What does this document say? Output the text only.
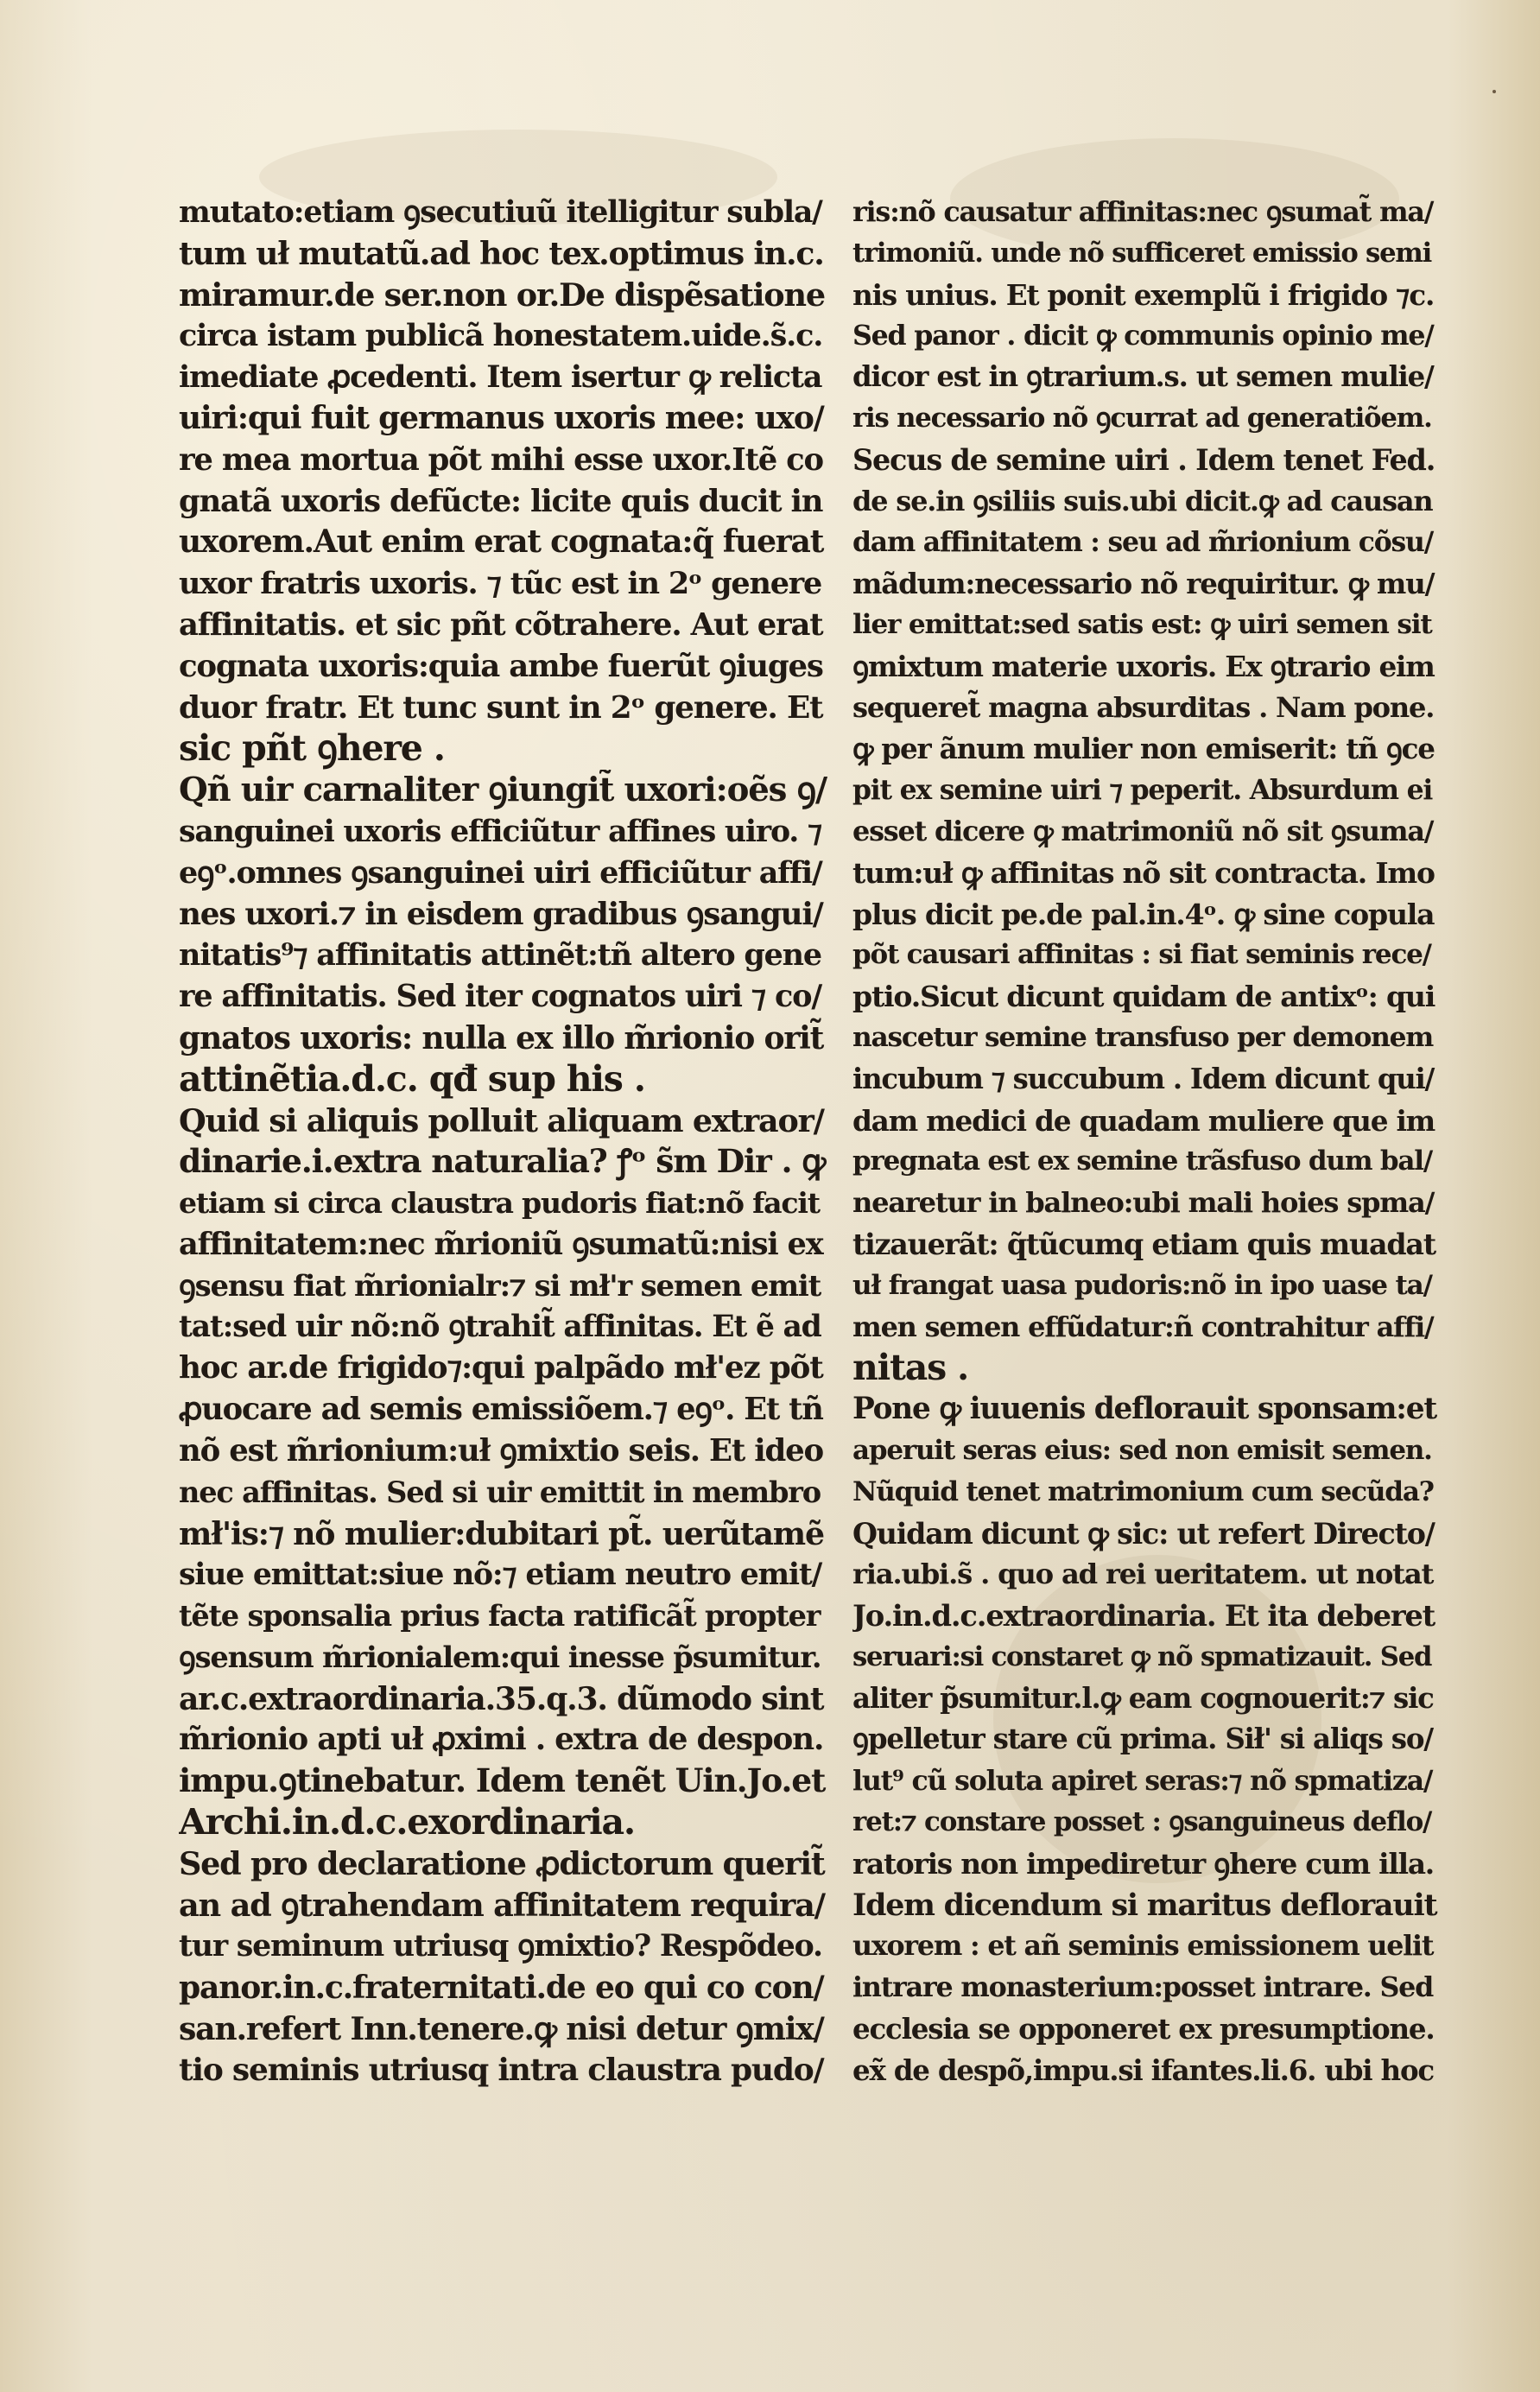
mutato:etiam ꝯsecutiuũ itelligitur subla/
tum uł mutatũ.ad hoc tex.optimus in.c.
miramur.de ser.non or.De dispẽsatione
circa istam publicã honestatem.uide.s̃.c.
imediate ꝓcedenti. Item isertur ꝙ relicta
uiri:qui fuit germanus uxoris mee: uxo/
re mea mortua põt mihi esse uxor.Itẽ co
gnatã uxoris defũcte: licite quis ducit in
uxorem.Aut enim erat cognata:q̃ fuerat
uxor fratris uxoris. ⁊ tũc est in 2ᵒ genere
affinitatis. et sic pñt cõtrahere. Aut erat
cognata uxoris:quia ambe fuerũt ꝯiuges
duor fratr. Et tunc sunt in 2ᵒ genere. Et
sic pñt ꝯhere .
Qñ uir carnaliter ꝯiungit̃ uxori:oẽs ꝯ/
sanguinei uxoris efficiũtur affines uiro. ⁊
eꝯᵒ.omnes ꝯsanguinei uiri efficiũtur affi/
nes uxori.⁊ in eisdem gradibus ꝯsangui/
nitatis⁹⁊ affinitatis attinẽt:tñ altero gene
re affinitatis. Sed iter cognatos uiri ⁊ co/
gnatos uxoris: nulla ex illo m̃rionio orit̃
attinẽtia.d.c. qđ sup his .
Quid si aliquis polluit aliquam extraor/
dinarie.i.extra naturalia? ꝭᵒ s̃m Dir . ꝙ
etiam si circa claustra pudoris fiat:nõ facit
affinitatem:nec m̃rioniũ ꝯsumatũ:nisi ex
ꝯsensu fiat m̃rionialr:⁊ si mł'r semen emit
tat:sed uir nõ:nõ ꝯtrahit̃ affinitas. Et ẽ ad
hoc ar.de frigido⁊:qui palpãdo mł'ez põt
ꝓuocare ad semis emissiõem.⁊ eꝯᵒ. Et tñ
nõ est m̃rionium:uł ꝯmixtio seis. Et ideo
nec affinitas. Sed si uir emittit in membro
mł'is:⁊ nõ mulier:dubitari pt̃. uerũtamẽ
siue emittat:siue nõ:⁊ etiam neutro emit/
tẽte sponsalia prius facta ratificãt̃ propter
ꝯsensum m̃rionialem:qui inesse p̃sumitur.
ar.c.extraordinaria.35.q.3. dũmodo sint
m̃rionio apti uł ꝓximi . extra de despon.
impu.ꝯtinebatur. Idem tenẽt Uin.Jo.et
Archi.in.d.c.exordinaria.
Sed pro declaratione ꝓdictorum querit̃
an ad ꝯtrahendam affinitatem requira/
tur seminum utriusq ꝯmixtio? Respõdeo.
panor.in.c.fraternitati.de eo qui co con/
san.refert Inn.tenere.ꝙ nisi detur ꝯmix/
tio seminis utriusq intra claustra pudo/
ris:nõ causatur affinitas:nec ꝯsumat̃ ma/
trimoniũ. unde nõ sufficeret emissio semi
nis unius. Et ponit exemplũ i frigido ⁊c.
Sed panor . dicit ꝙ communis opinio me/
dicor est in ꝯtrarium.s. ut semen mulie/
ris necessario nõ ꝯcurrat ad generatiõem.
Secus de semine uiri . Idem tenet Fed.
de se.in ꝯsiliis suis.ubi dicit.ꝙ ad causan
dam affinitatem : seu ad m̃rionium cõsu/
mãdum:necessario nõ requiritur. ꝙ mu/
lier emittat:sed satis est: ꝙ uiri semen sit
ꝯmixtum materie uxoris. Ex ꝯtrario eim
sequeret̃ magna absurditas . Nam pone.
ꝙ per ãnum mulier non emiserit: tñ ꝯce
pit ex semine uiri ⁊ peperit. Absurdum ei
esset dicere ꝙ matrimoniũ nõ sit ꝯsuma/
tum:uł ꝙ affinitas nõ sit contracta. Imo
plus dicit pe.de pal.in.4ᵒ. ꝙ sine copula
põt causari affinitas : si fiat seminis rece/
ptio.Sicut dicunt quidam de antixᵒ: qui
nascetur semine transfuso per demonem
incubum ⁊ succubum . Idem dicunt qui/
dam medici de quadam muliere que im
pregnata est ex semine trãsfuso dum bal/
nearetur in balneo:ubi mali hoies spma/
tizauerãt: q̃tũcumq etiam quis muadat
uł frangat uasa pudoris:nõ in ipo uase ta/
men semen effũdatur:ñ contrahitur affi/
nitas .
Pone ꝙ iuuenis deflorauit sponsam:et
aperuit seras eius: sed non emisit semen.
Nũquid tenet matrimonium cum secũda?
Quidam dicunt ꝙ sic: ut refert Directo/
ria.ubi.s̃ . quo ad rei ueritatem. ut notat
Jo.in.d.c.extraordinaria. Et ita deberet
seruari:si constaret ꝙ nõ spmatizauit. Sed
aliter p̃sumitur.l.ꝙ eam cognouerit:⁊ sic
ꝯpelletur stare cũ prima. Sił' si aliqs so/
lut⁹ cũ soluta apiret seras:⁊ nõ spmatiza/
ret:⁊ constare posset : ꝯsanguineus deflo/
ratoris non impediretur ꝯhere cum illa.
Idem dicendum si maritus deflorauit
uxorem : et añ seminis emissionem uelit
intrare monasterium:posset intrare. Sed
ecclesia se opponeret ex presumptione.
ex̃ de despõ,impu.si ifantes.li.6. ubi hoc
